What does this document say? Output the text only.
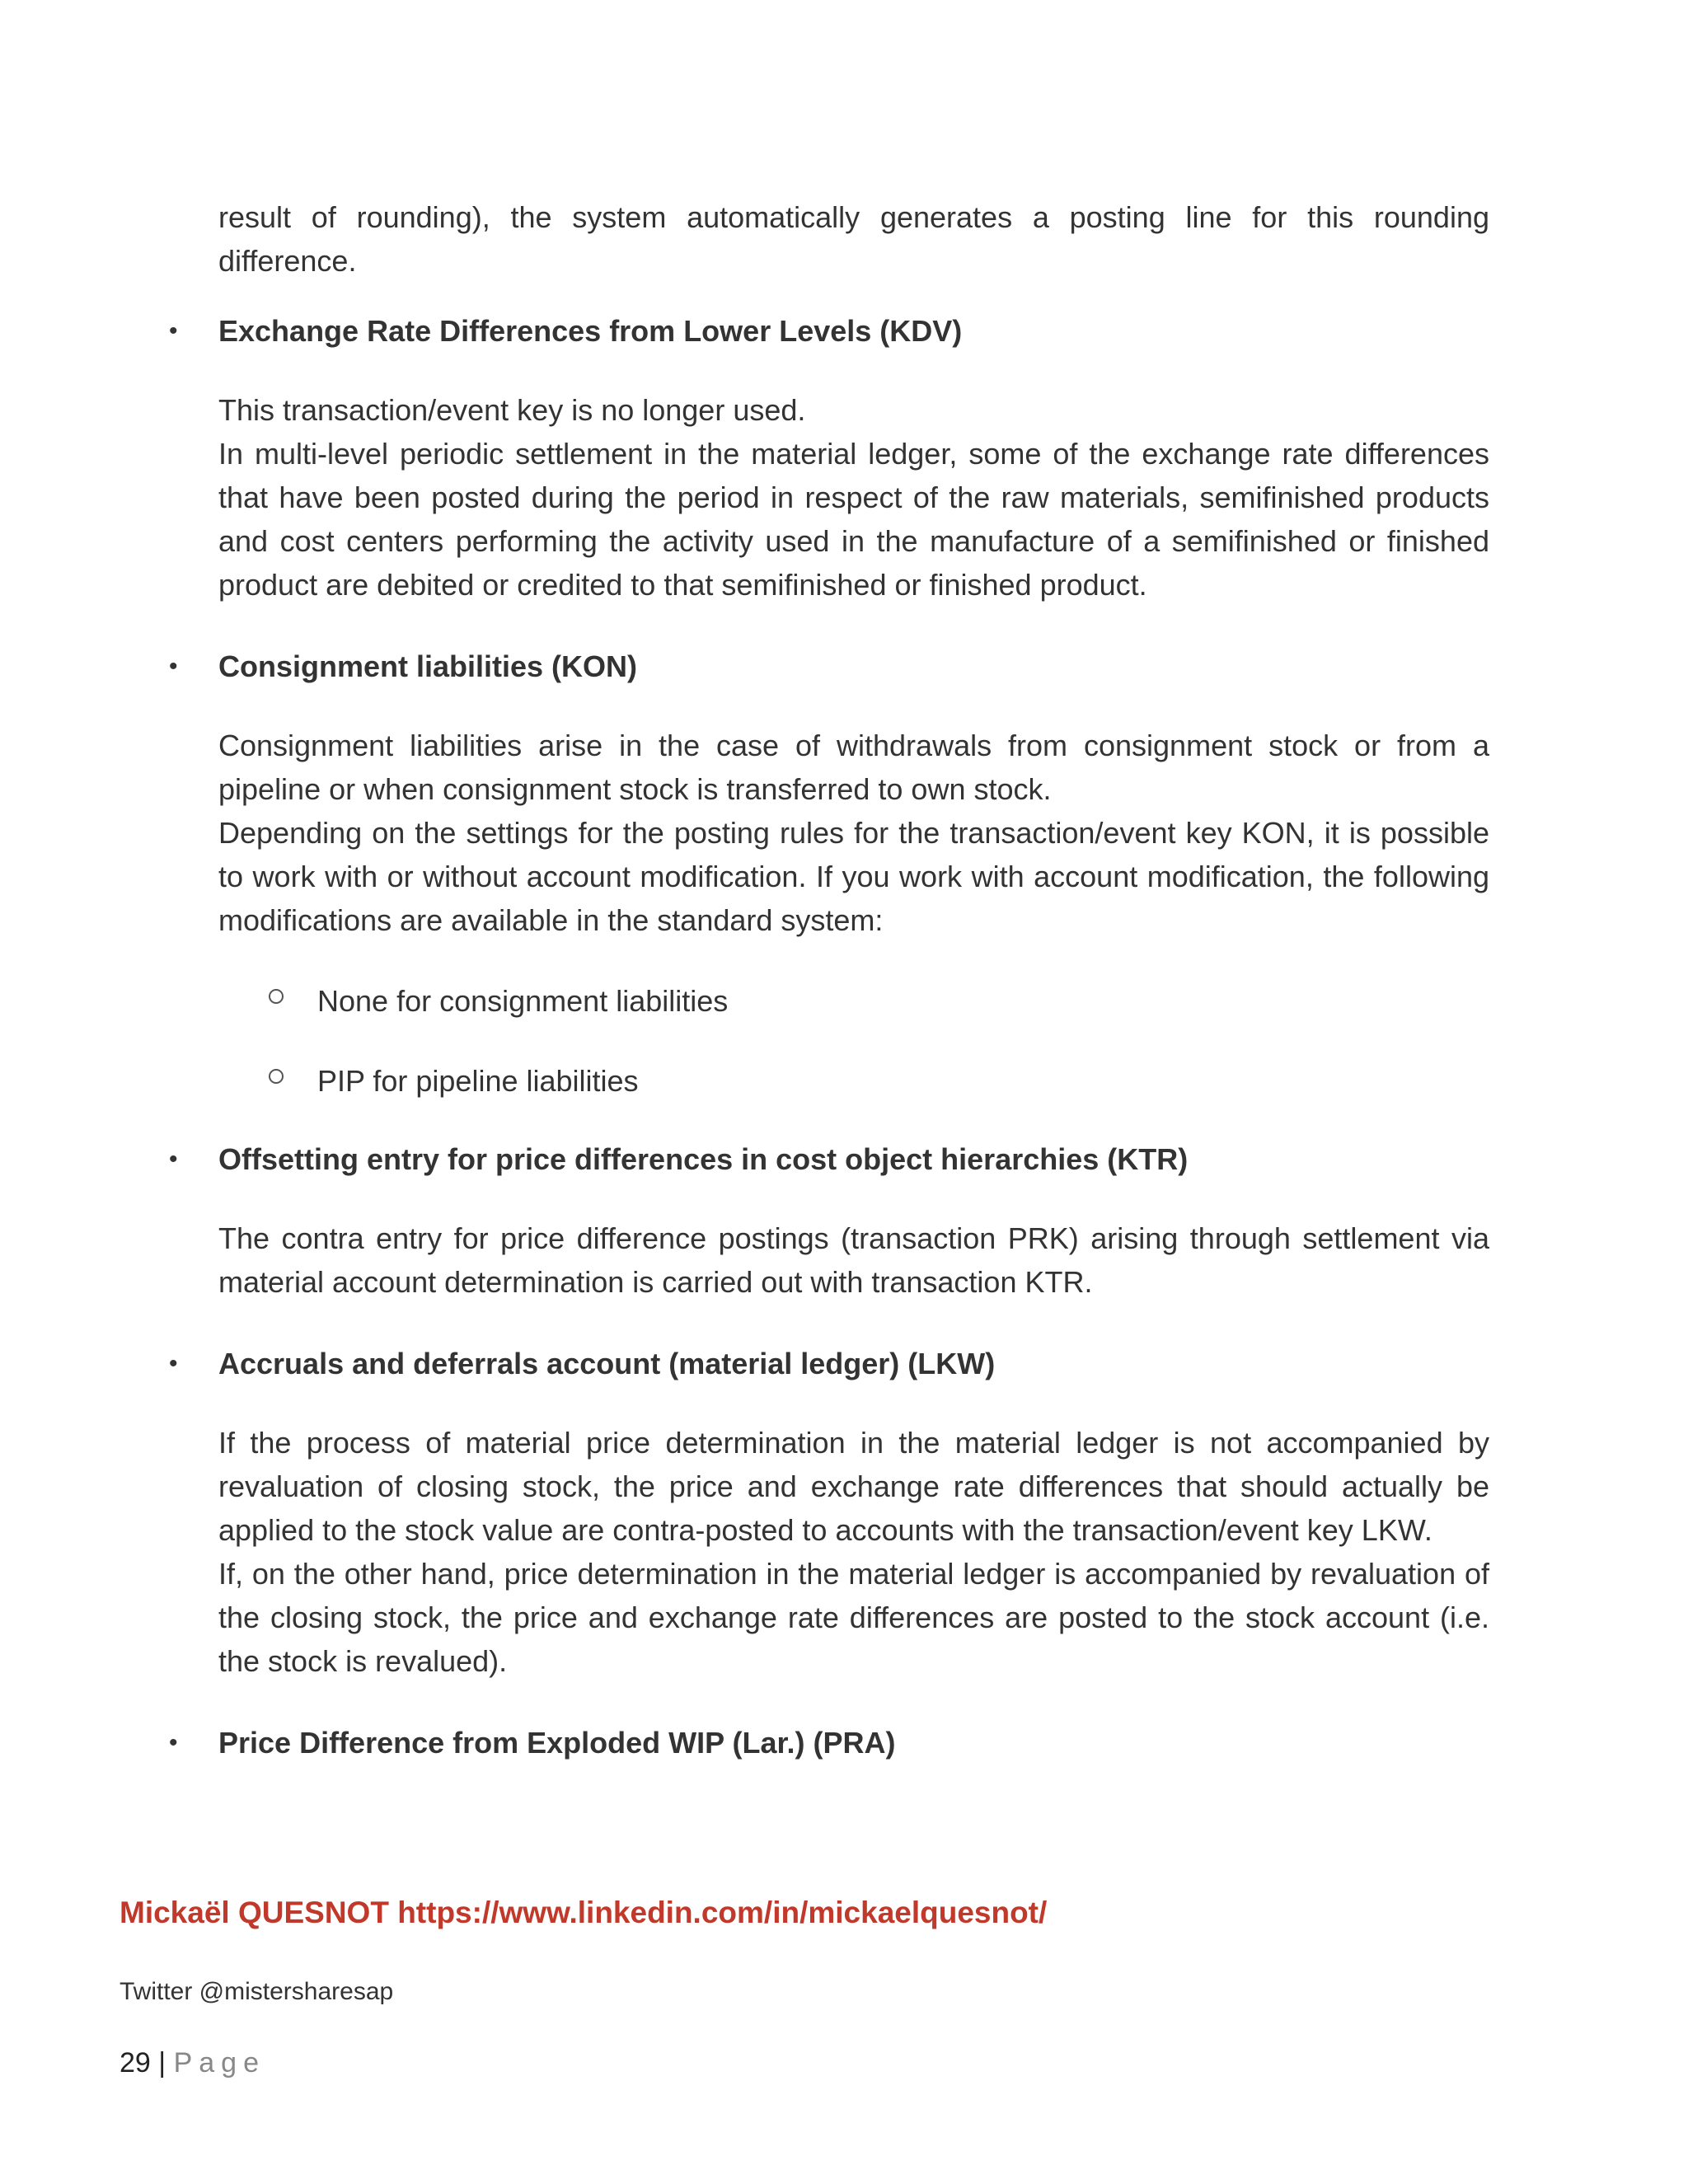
result of rounding), the system automatically generates a posting line for this rounding difference.

• Exchange Rate Differences from Lower Levels (KDV)

This transaction/event key is no longer used.

In multi-level periodic settlement in the material ledger, some of the exchange rate differences that have been posted during the period in respect of the raw materials, semifinished products and cost centers performing the activity used in the manufacture of a semifinished or finished product are debited or credited to that semifinished or finished product.

• Consignment liabilities (KON)

Consignment liabilities arise in the case of withdrawals from consignment stock or from a pipeline or when consignment stock is transferred to own stock.

Depending on the settings for the posting rules for the transaction/event key KON, it is possible to work with or without account modification. If you work with account modification, the following modifications are available in the standard system:

None for consignment liabilities
PIP for pipeline liabilities
• Offsetting entry for price differences in cost object hierarchies (KTR)

The contra entry for price difference postings (transaction PRK) arising through settlement via material account determination is carried out with transaction KTR.

• Accruals and deferrals account (material ledger) (LKW)

If the process of material price determination in the material ledger is not accompanied by revaluation of closing stock, the price and exchange rate differences that should actually be applied to the stock value are contra-posted to accounts with the transaction/event key LKW.

If, on the other hand, price determination in the material ledger is accompanied by revaluation of the closing stock, the price and exchange rate differences are posted to the stock account (i.e. the stock is revalued).

• Price Difference from Exploded WIP (Lar.) (PRA)

Mickaël QUESNOT https://www.linkedin.com/in/mickaelquesnot/
Twitter @mistersharesap
29 | Page
